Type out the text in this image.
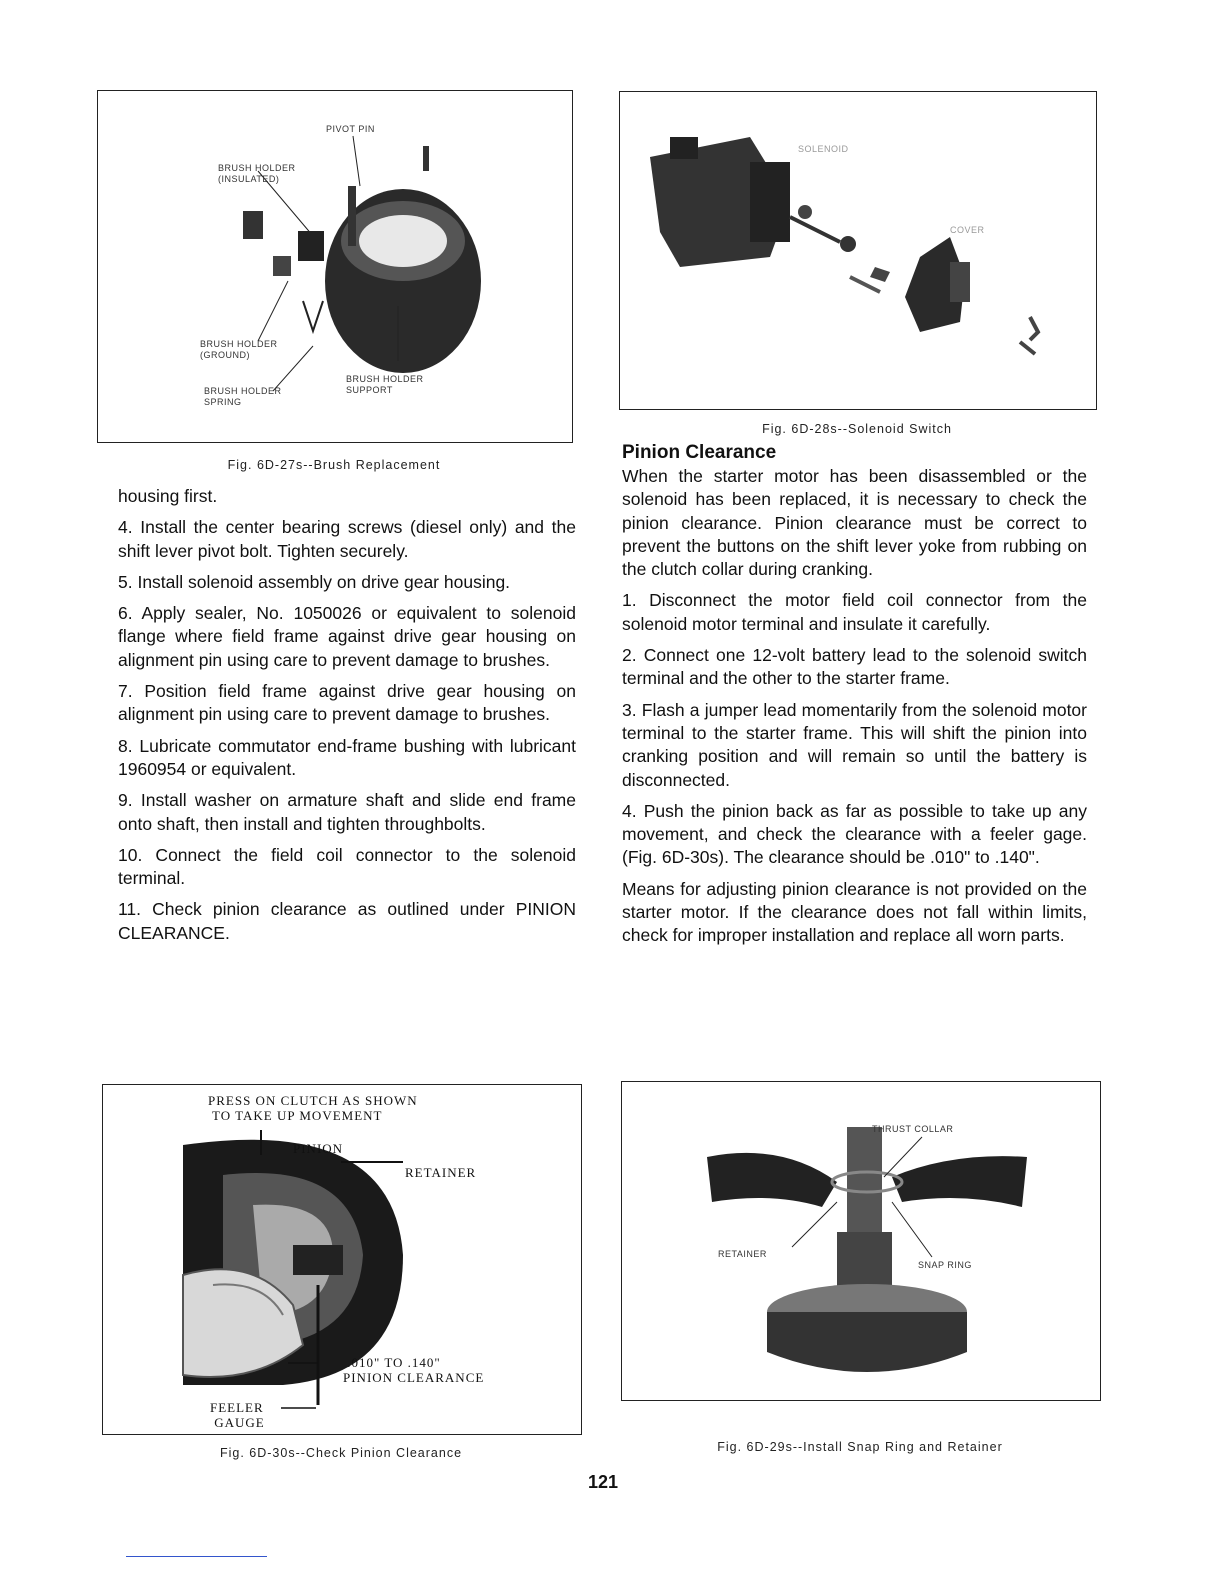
PIVOT PIN
BRUSH HOLDER
(INSULATED)
BRUSH HOLDER
(GROUND)
BRUSH HOLDER
SPRING
BRUSH HOLDER
SUPPORT
Fig. 6D-27s--Brush Replacement
SOLENOID
COVER
Fig. 6D-28s--Solenoid Switch

housing first.

4. Install the center bearing screws (diesel only) and the shift lever pivot bolt. Tighten securely.

5. Install solenoid assembly on drive gear housing.

6. Apply sealer, No. 1050026 or equivalent to solenoid flange where field frame against drive gear housing on alignment pin using care to prevent damage to brushes.

7. Position field frame against drive gear housing on alignment pin using care to prevent damage to brushes.

8. Lubricate commutator end-frame bushing with lubricant 1960954 or equivalent.

9. Install washer on armature shaft and slide end frame onto shaft, then install and tighten throughbolts.

10. Connect the field coil connector to the solenoid terminal.

11. Check pinion clearance as outlined under PINION CLEARANCE.

Pinion Clearance

When the starter motor has been disassembled or the solenoid has been replaced, it is necessary to check the pinion clearance. Pinion clearance must be correct to prevent the buttons on the shift lever yoke from rubbing on the clutch collar during cranking.

1. Disconnect the motor field coil connector from the solenoid motor terminal and insulate it carefully.

2. Connect one 12-volt battery lead to the solenoid switch terminal and the other to the starter frame.

3. Flash a jumper lead momentarily from the solenoid motor terminal to the starter frame. This will shift the pinion into cranking position and will remain so until the battery is disconnected.

4. Push the pinion back as far as possible to take up any movement, and check the clearance with a feeler gage. (Fig. 6D-30s). The clearance should be .010" to .140".

Means for adjusting pinion clearance is not provided on the starter motor. If the clearance does not fall within limits, check for improper installation and replace all worn parts.

PRESS ON CLUTCH AS SHOWN
TO TAKE UP MOVEMENT
PINION
RETAINER
.010" TO .140"
PINION CLEARANCE
FEELER
GAUGE
Fig. 6D-30s--Check Pinion Clearance
THRUST COLLAR
RETAINER
SNAP RING
Fig. 6D-29s--Install Snap Ring and Retainer
121
